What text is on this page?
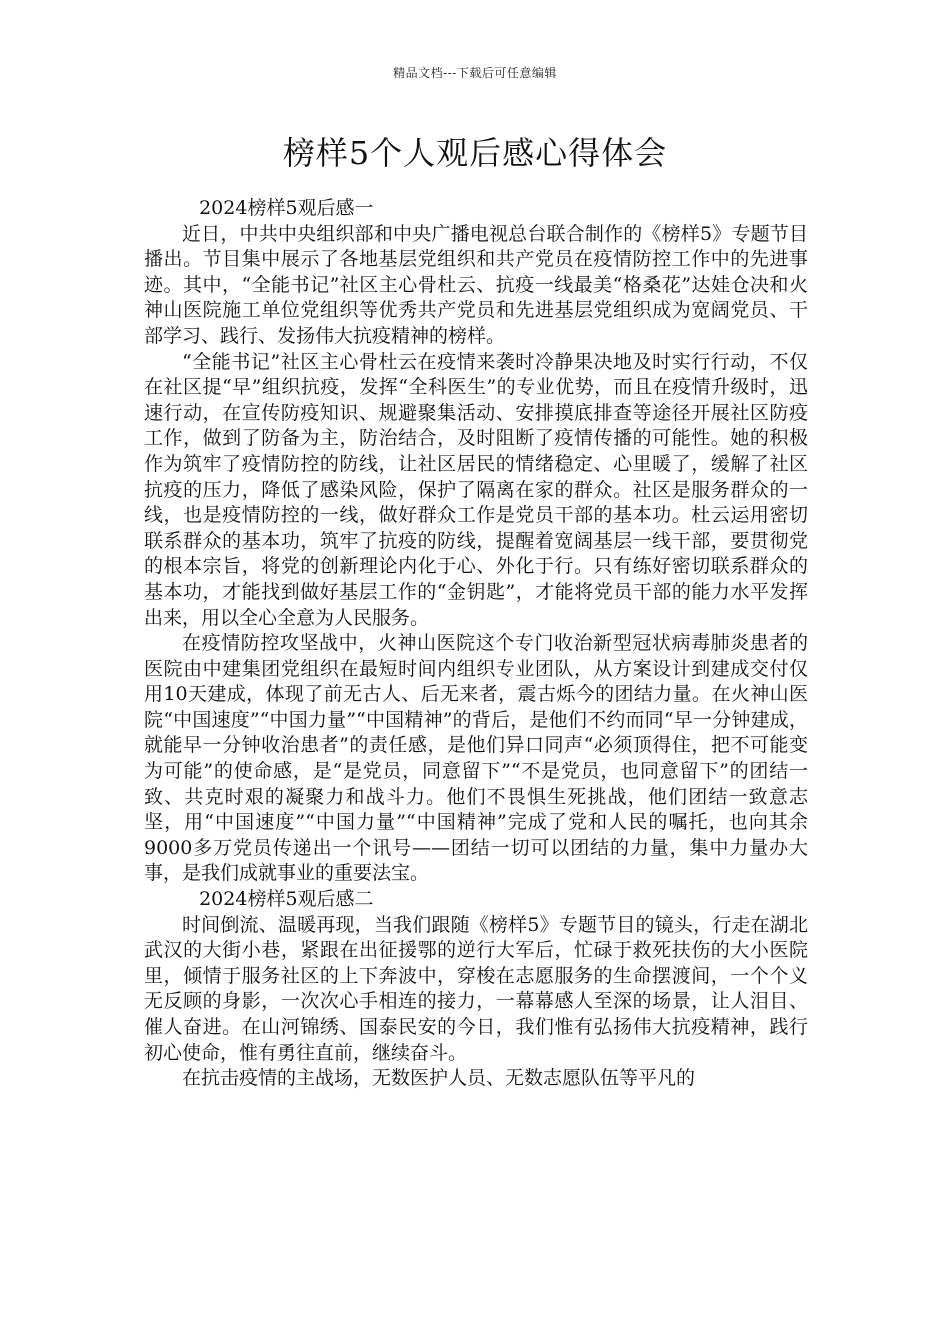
精品文档---下载后可任意编辑
榜样5个人观后感心得体会

2024榜样5观后感一

近日，中共中央组织部和中央广播电视总台联合制作的《榜样5》专题节目播出。节目集中展示了各地基层党组织和共产党员在疫情防控工作中的先进事迹。其中，“全能书记”社区主心骨杜云、抗疫一线最美“格桑花”达娃仓决和火神山医院施工单位党组织等优秀共产党员和先进基层党组织成为宽阔党员、干部学习、践行、发扬伟大抗疫精神的榜样。

“全能书记”社区主心骨杜云在疫情来袭时冷静果决地及时实行行动，不仅在社区提“早”组织抗疫，发挥“全科医生”的专业优势，而且在疫情升级时，迅速行动，在宣传防疫知识、规避聚集活动、安排摸底排查等途径开展社区防疫工作，做到了防备为主，防治结合，及时阻断了疫情传播的可能性。她的积极作为筑牢了疫情防控的防线，让社区居民的情绪稳定、心里暖了，缓解了社区抗疫的压力，降低了感染风险，保护了隔离在家的群众。社区是服务群众的一线，也是疫情防控的一线，做好群众工作是党员干部的基本功。杜云运用密切联系群众的基本功，筑牢了抗疫的防线，提醒着宽阔基层一线干部，要贯彻党的根本宗旨，将党的创新理论内化于心、外化于行。只有练好密切联系群众的基本功，才能找到做好基层工作的“金钥匙”，才能将党员干部的能力水平发挥出来，用以全心全意为人民服务。

在疫情防控攻坚战中，火神山医院这个专门收治新型冠状病毒肺炎患者的医院由中建集团党组织在最短时间内组织专业团队，从方案设计到建成交付仅用10天建成，体现了前无古人、后无来者，震古烁今的团结力量。在火神山医院“中国速度”“中国力量”“中国精神”的背后，是他们不约而同“早一分钟建成，就能早一分钟收治患者”的责任感，是他们异口同声“必须顶得住，把不可能变为可能”的使命感，是“是党员，同意留下”“不是党员，也同意留下”的团结一致、共克时艰的凝聚力和战斗力。他们不畏惧生死挑战，他们团结一致意志坚，用“中国速度”“中国力量”“中国精神”完成了党和人民的嘱托，也向其余9000多万党员传递出一个讯号——团结一切可以团结的力量，集中力量办大事，是我们成就事业的重要法宝。

2024榜样5观后感二

时间倒流、温暖再现，当我们跟随《榜样5》专题节目的镜头，行走在湖北武汉的大街小巷，紧跟在出征援鄂的逆行大军后，忙碌于救死扶伤的大小医院里，倾情于服务社区的上下奔波中，穿梭在志愿服务的生命摆渡间，一个个义无反顾的身影，一次次心手相连的接力，一幕幕感人至深的场景，让人泪目、催人奋进。在山河锦绣、国泰民安的今日，我们惟有弘扬伟大抗疫精神，践行初心使命，惟有勇往直前，继续奋斗。

在抗击疫情的主战场，无数医护人员、无数志愿队伍等平凡的
